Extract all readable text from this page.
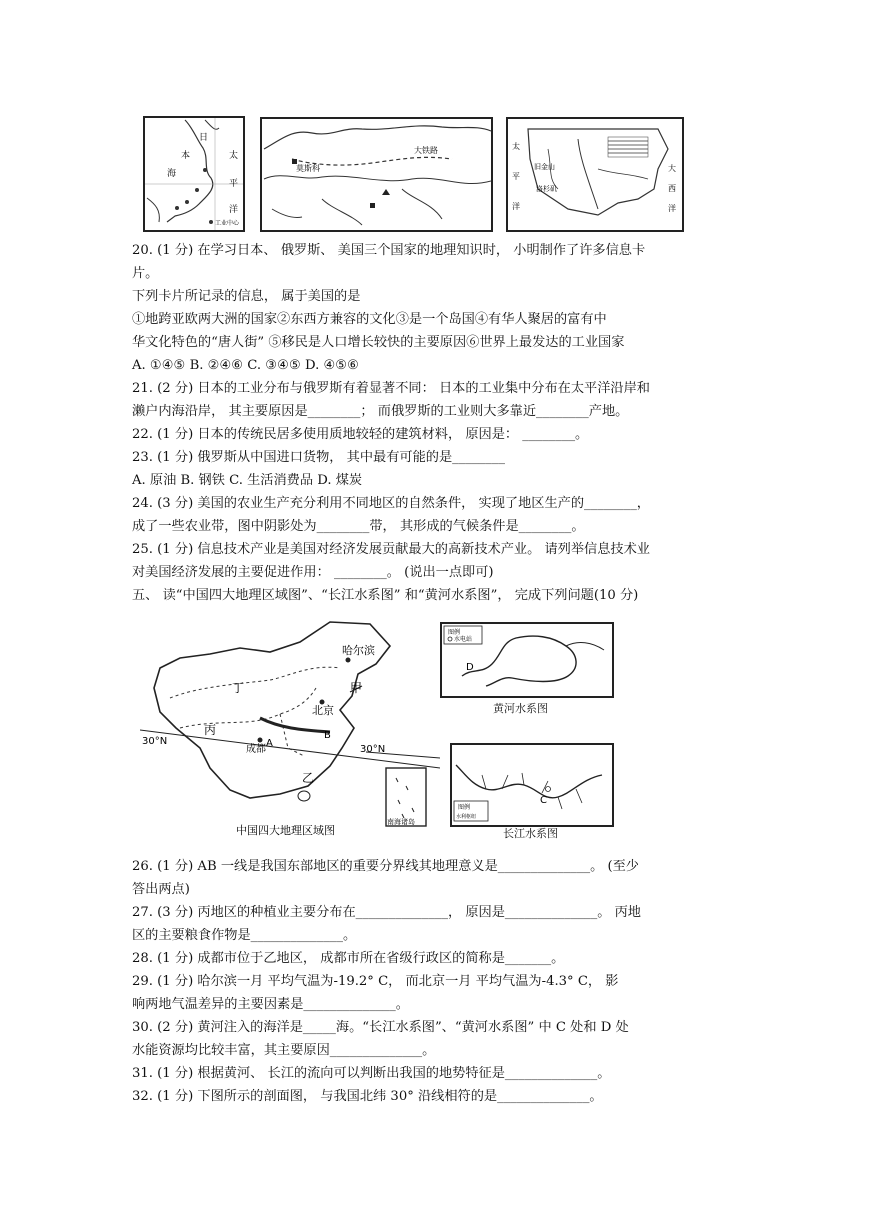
日
本
海
太
平
洋
工业中心
莫斯科
大铁路
旧金山
洛杉矶
太
平
洋
大
西
洋
20. (1 分) 在学习日本、 俄罗斯、 美国三个国家的地理知识时， 小明制作了许多信息卡
片。
下列卡片所记录的信息， 属于美国的是
①地跨亚欧两大洲的国家②东西方兼容的文化③是一个岛国④有华人聚居的富有中
华文化特色的“唐人街” ⑤移民是人口增长较快的主要原因⑥世界上最发达的工业国家
A. ①④⑤ B. ②④⑥ C. ③④⑤ D. ④⑤⑥
21. (2 分) 日本的工业分布与俄罗斯有着显著不同： 日本的工业集中分布在太平洋沿岸和
濑户内海沿岸， 其主要原因是________； 而俄罗斯的工业则大多靠近________产地。
22. (1 分) 日本的传统民居多使用质地较轻的建筑材料， 原因是： ________。
23. (1 分) 俄罗斯从中国进口货物， 其中最有可能的是________
A. 原油 B. 钢铁 C. 生活消费品 D. 煤炭
24. (3 分) 美国的农业生产充分利用不同地区的自然条件， 实现了地区生产的________，
成了一些农业带，图中阴影处为________带， 其形成的气候条件是________。
25. (1 分) 信息技术产业是美国对经济发展贡献最大的高新技术产业。 请列举信息技术业
对美国经济发展的主要促进作用： ________。 (说出一点即可)
五、 读“中国四大地理区域图”、“长江水系图” 和“黄河水系图”， 完成下列问题(10 分)
哈尔滨
甲
丁
北京
丙
成都
A
B
乙
30°N
30°N
南海诸岛
中国四大地理区域图
图例
水电站
D
黄河水系图
C
图例
水利枢纽
长江水系图
26. (1 分) AB 一线是我国东部地区的重要分界线其地理意义是______________。 (至少
答出两点)
27. (3 分) 丙地区的种植业主要分布在______________， 原因是______________。 丙地
区的主要粮食作物是______________。
28. (1 分) 成都市位于乙地区， 成都市所在省级行政区的简称是_______。
29. (1 分) 哈尔滨一月 平均气温为-19.2° C， 而北京一月 平均气温为-4.3° C， 影
响两地气温差异的主要因素是______________。
30. (2 分) 黄河注入的海洋是_____海。“长江水系图”、“黄河水系图” 中 C 处和 D 处
水能资源均比较丰富，其主要原因______________。
31. (1 分) 根据黄河、 长江的流向可以判断出我国的地势特征是______________。
32. (1 分) 下图所示的剖面图， 与我国北纬 30° 沿线相符的是______________。
